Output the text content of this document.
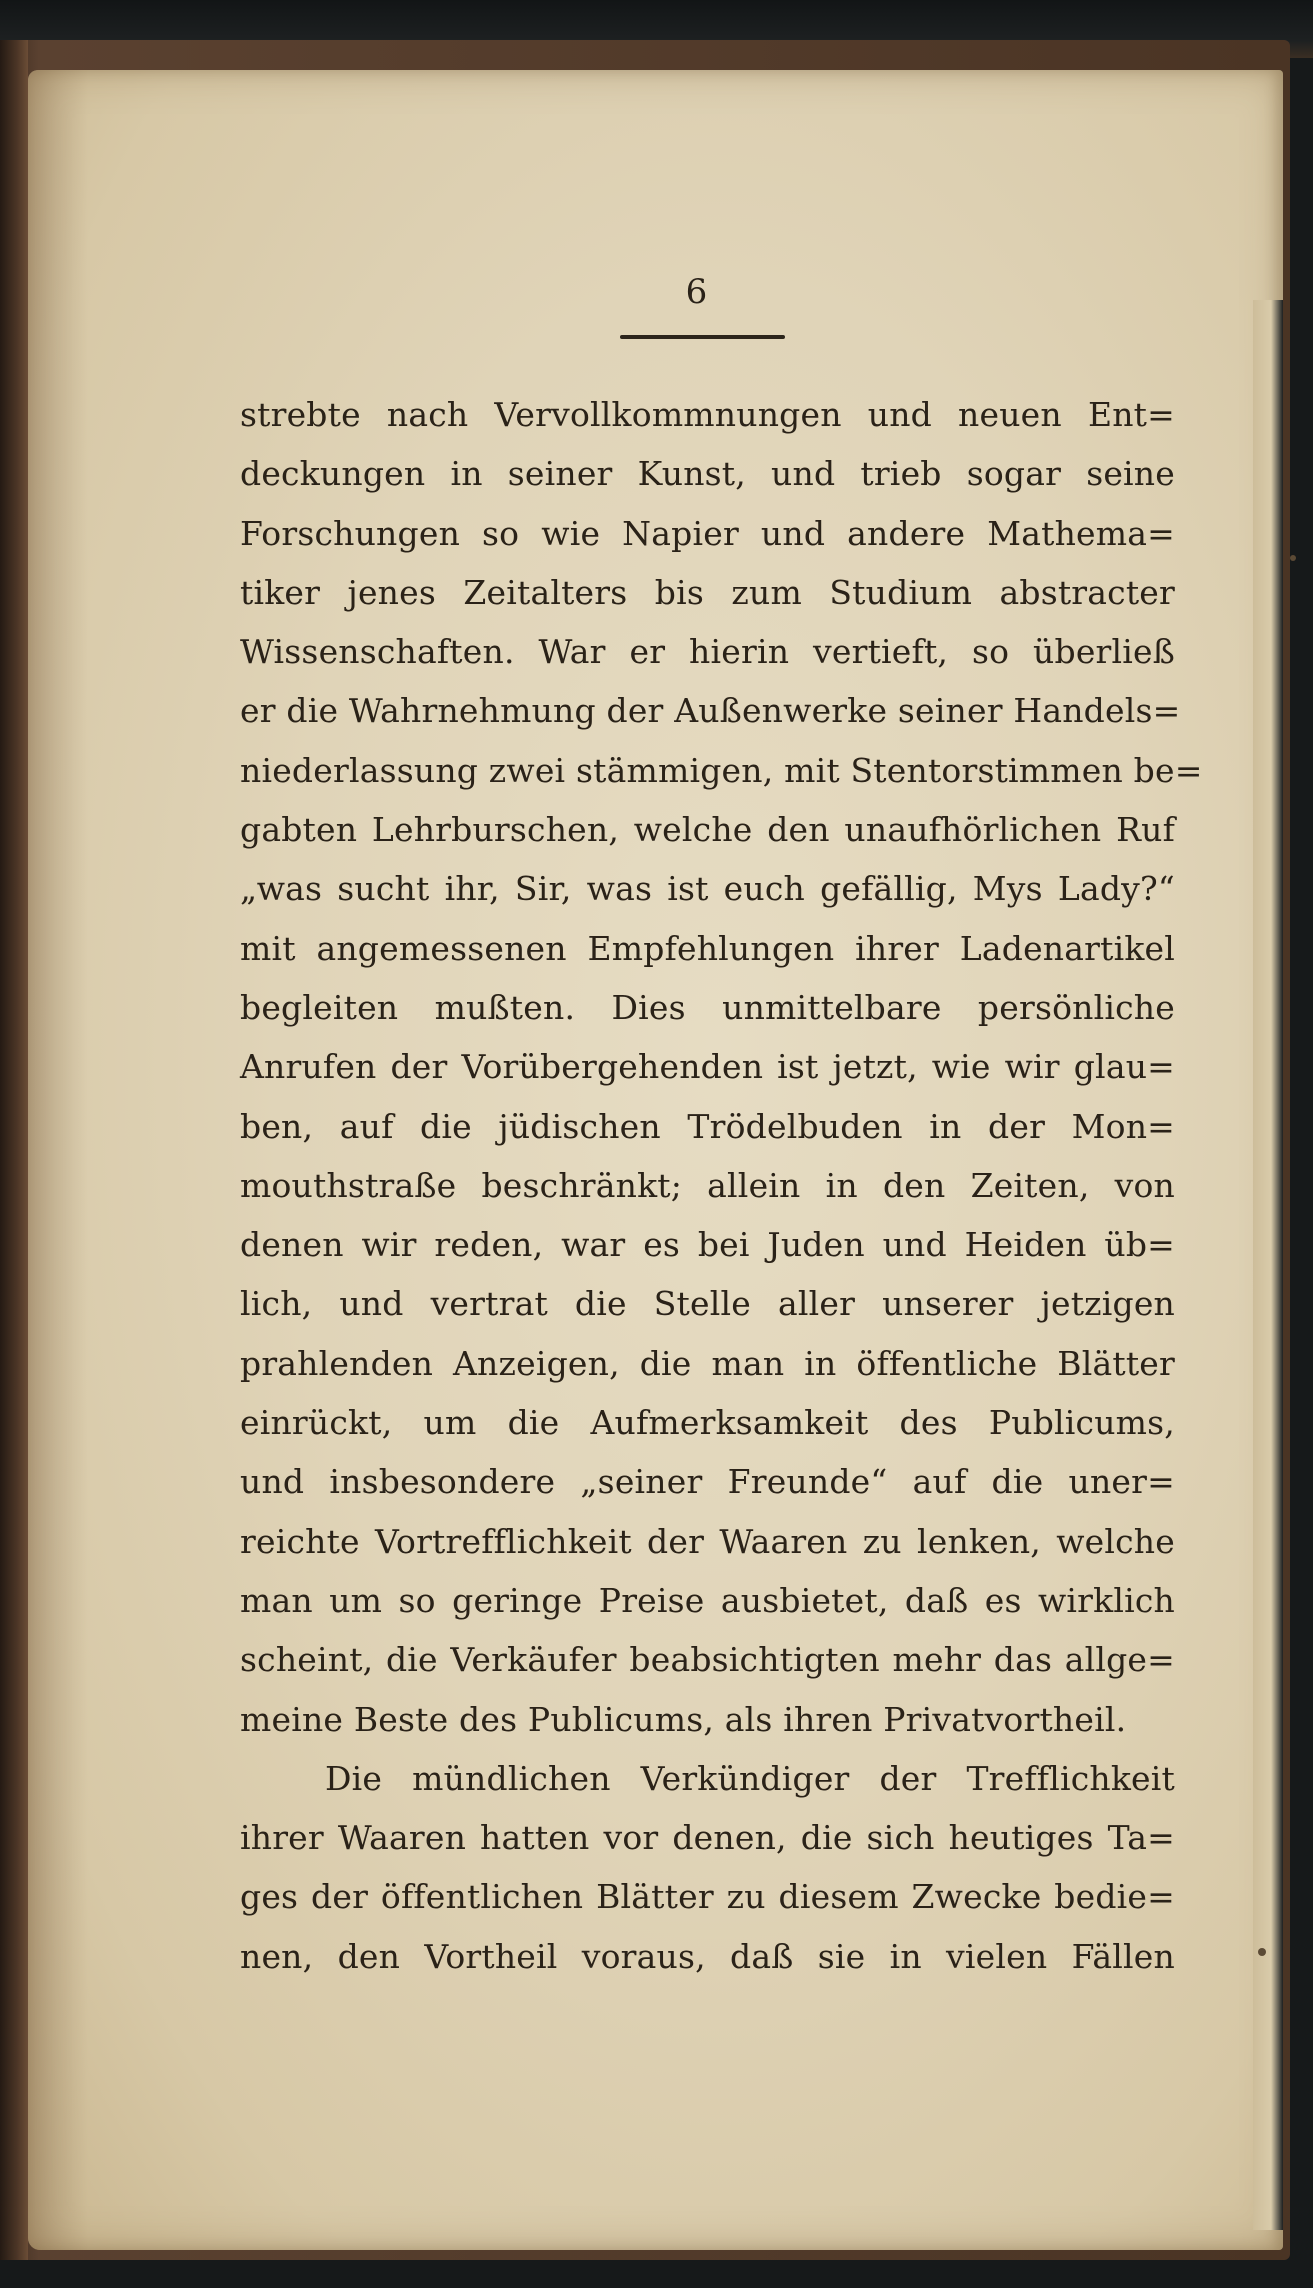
6
strebte nach Vervollkommnungen und neuen Ent=
deckungen in seiner Kunst, und trieb sogar seine
Forschungen so wie Napier und andere Mathema=
tiker jenes Zeitalters bis zum Studium abstracter
Wissenschaften. War er hierin vertieft, so überließ
er die Wahrnehmung der Außenwerke seiner Handels=
niederlassung zwei stämmigen, mit Stentorstimmen be=
gabten Lehrburschen, welche den unaufhörlichen Ruf
„was sucht ihr, Sir, was ist euch gefällig, Mys Lady?“
mit angemessenen Empfehlungen ihrer Ladenartikel
begleiten mußten. Dies unmittelbare persönliche
Anrufen der Vorübergehenden ist jetzt, wie wir glau=
ben, auf die jüdischen Trödelbuden in der Mon=
mouthstraße beschränkt; allein in den Zeiten, von
denen wir reden, war es bei Juden und Heiden üb=
lich, und vertrat die Stelle aller unserer jetzigen
prahlenden Anzeigen, die man in öffentliche Blätter
einrückt, um die Aufmerksamkeit des Publicums,
und insbesondere „seiner Freunde“ auf die uner=
reichte Vortrefflichkeit der Waaren zu lenken, welche
man um so geringe Preise ausbietet, daß es wirklich
scheint, die Verkäufer beabsichtigten mehr das allge=
meine Beste des Publicums, als ihren Privatvortheil.
Die mündlichen Verkündiger der Trefflichkeit
ihrer Waaren hatten vor denen, die sich heutiges Ta=
ges der öffentlichen Blätter zu diesem Zwecke bedie=
nen, den Vortheil voraus, daß sie in vielen Fällen
